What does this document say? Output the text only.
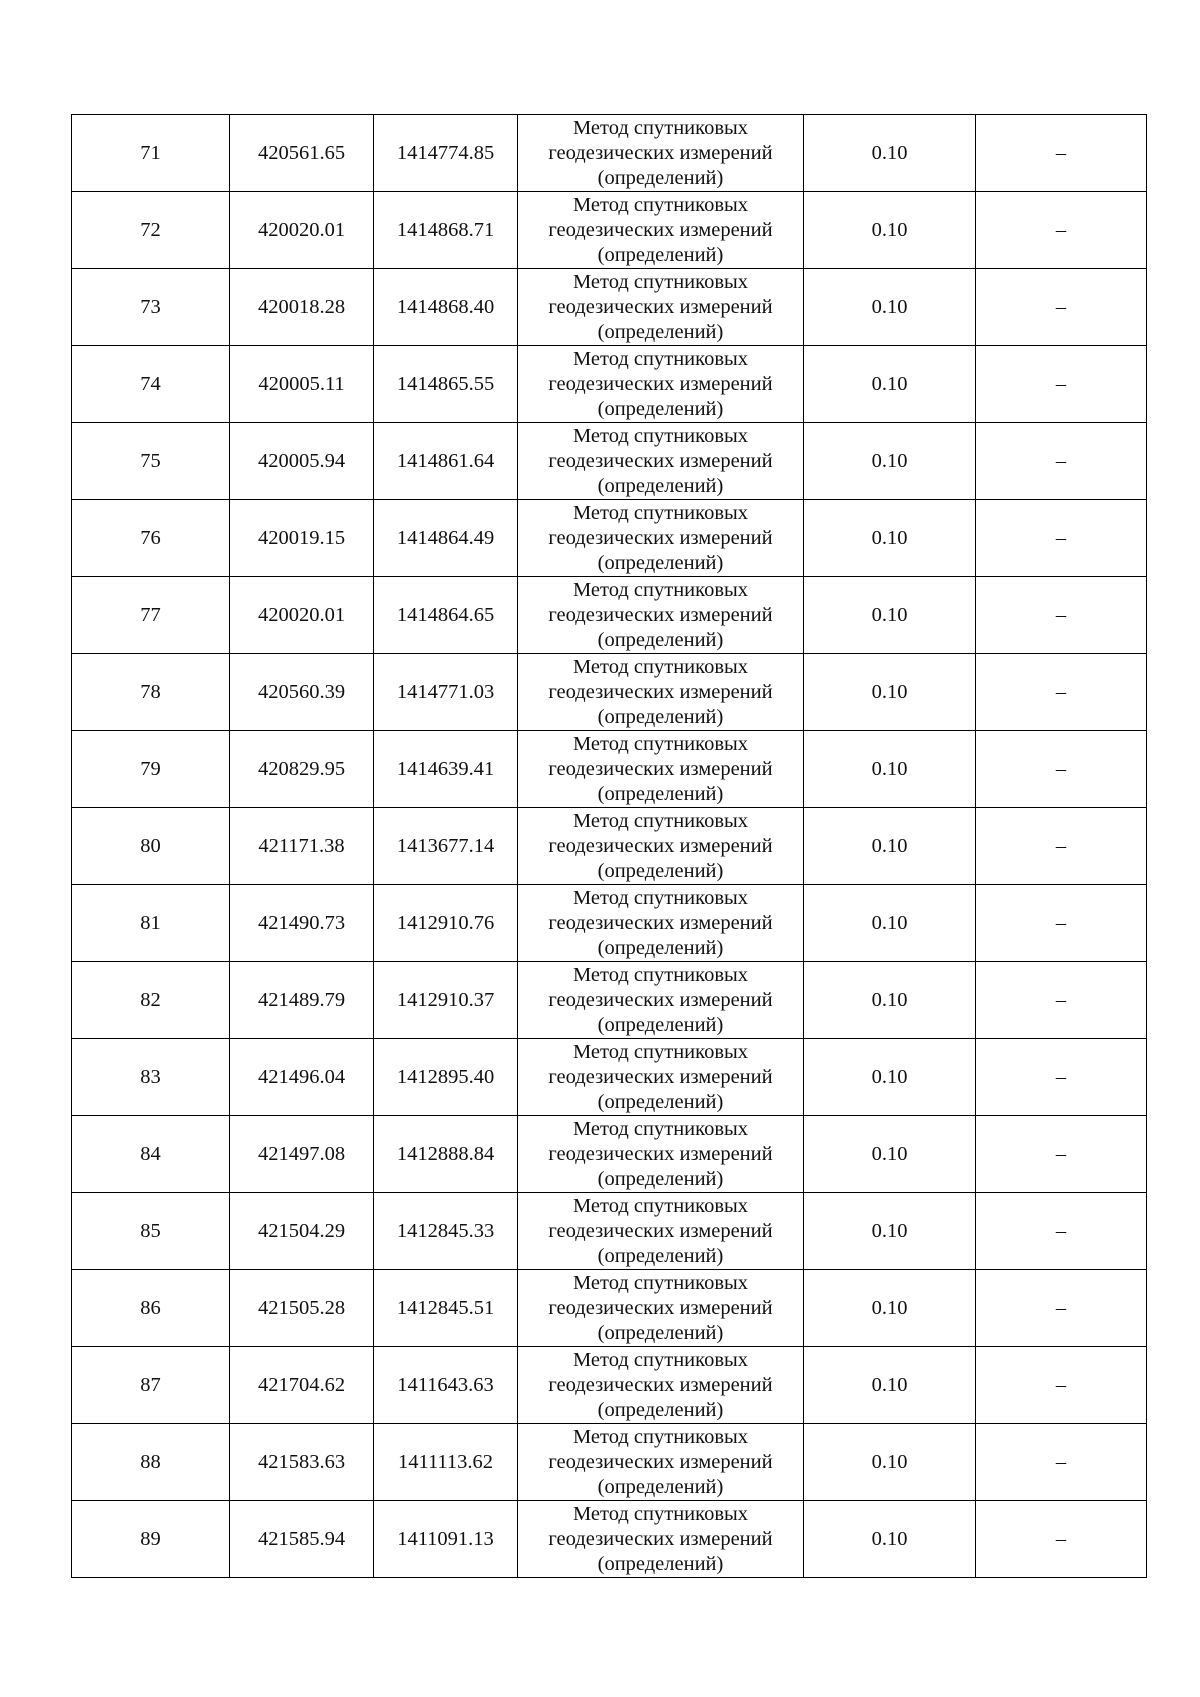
71	420561.65	1414774.85	Метод спутниковых
геодезических измерений
(определений)	0.10	–
72	420020.01	1414868.71	Метод спутниковых
геодезических измерений
(определений)	0.10	–
73	420018.28	1414868.40	Метод спутниковых
геодезических измерений
(определений)	0.10	–
74	420005.11	1414865.55	Метод спутниковых
геодезических измерений
(определений)	0.10	–
75	420005.94	1414861.64	Метод спутниковых
геодезических измерений
(определений)	0.10	–
76	420019.15	1414864.49	Метод спутниковых
геодезических измерений
(определений)	0.10	–
77	420020.01	1414864.65	Метод спутниковых
геодезических измерений
(определений)	0.10	–
78	420560.39	1414771.03	Метод спутниковых
геодезических измерений
(определений)	0.10	–
79	420829.95	1414639.41	Метод спутниковых
геодезических измерений
(определений)	0.10	–
80	421171.38	1413677.14	Метод спутниковых
геодезических измерений
(определений)	0.10	–
81	421490.73	1412910.76	Метод спутниковых
геодезических измерений
(определений)	0.10	–
82	421489.79	1412910.37	Метод спутниковых
геодезических измерений
(определений)	0.10	–
83	421496.04	1412895.40	Метод спутниковых
геодезических измерений
(определений)	0.10	–
84	421497.08	1412888.84	Метод спутниковых
геодезических измерений
(определений)	0.10	–
85	421504.29	1412845.33	Метод спутниковых
геодезических измерений
(определений)	0.10	–
86	421505.28	1412845.51	Метод спутниковых
геодезических измерений
(определений)	0.10	–
87	421704.62	1411643.63	Метод спутниковых
геодезических измерений
(определений)	0.10	–
88	421583.63	1411113.62	Метод спутниковых
геодезических измерений
(определений)	0.10	–
89	421585.94	1411091.13	Метод спутниковых
геодезических измерений
(определений)	0.10	–
